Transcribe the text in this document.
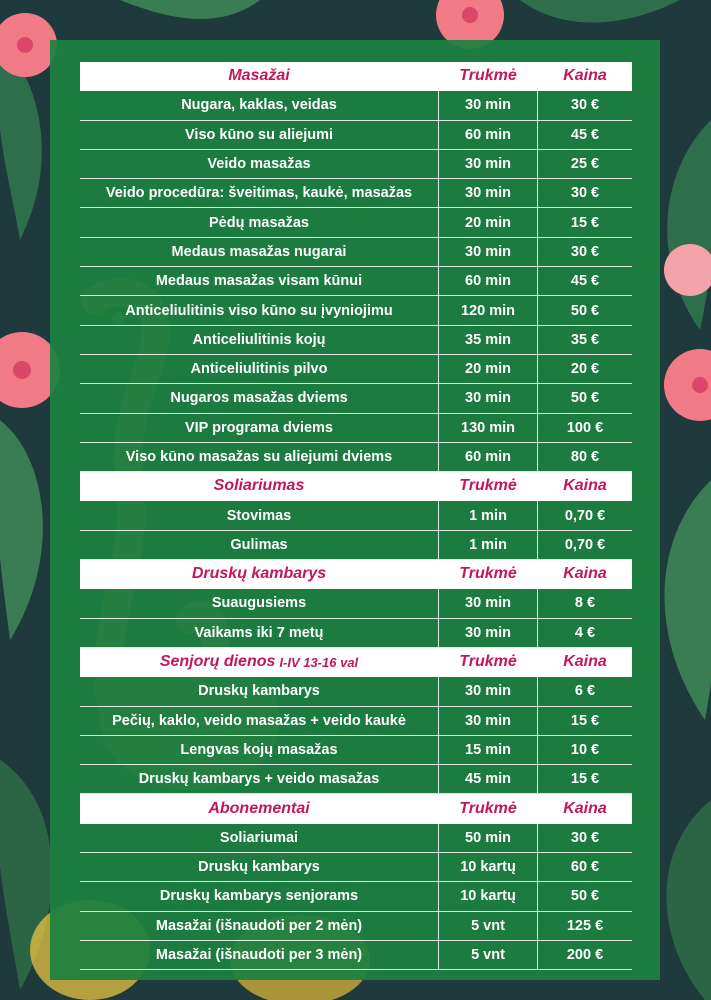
Masažai	Trukmė	Kaina
Nugara, kaklas, veidas	30 min	30 €
Viso kūno su aliejumi	60 min	45 €
Veido masažas	30 min	25 €
Veido procedūra: šveitimas, kaukė, masažas	30 min	30 €
Pėdų masažas	20 min	15 €
Medaus masažas nugarai	30 min	30 €
Medaus masažas visam kūnui	60 min	45 €
Anticeliulitinis viso kūno su įvyniojimu	120 min	50 €
Anticeliulitinis kojų	35 min	35 €
Anticeliulitinis pilvo	20 min	20 €
Nugaros masažas dviems	30 min	50 €
VIP programa dviems	130 min	100 €
Viso kūno masažas su aliejumi dviems	60 min	80 €
Soliariumas	Trukmė	Kaina
Stovimas	1 min	0,70 €
Gulimas	1 min	0,70 €
Druskų kambarys	Trukmė	Kaina
Suaugusiems	30 min	8 €
Vaikams iki 7 metų	30 min	4 €
Senjorų dienos I-IV 13-16 val	Trukmė	Kaina
Druskų kambarys	30 min	6 €
Pečių, kaklo, veido masažas + veido kaukė	30 min	15 €
Lengvas kojų masažas	15 min	10 €
Druskų kambarys + veido masažas	45 min	15 €
Abonementai	Trukmė	Kaina
Soliariumai	50 min	30 €
Druskų kambarys	10 kartų	60 €
Druskų kambarys senjorams	10 kartų	50 €
Masažai (išnaudoti per 2 mėn)	5 vnt	125 €
Masažai (išnaudoti per 3 mėn)	5 vnt	200 €
